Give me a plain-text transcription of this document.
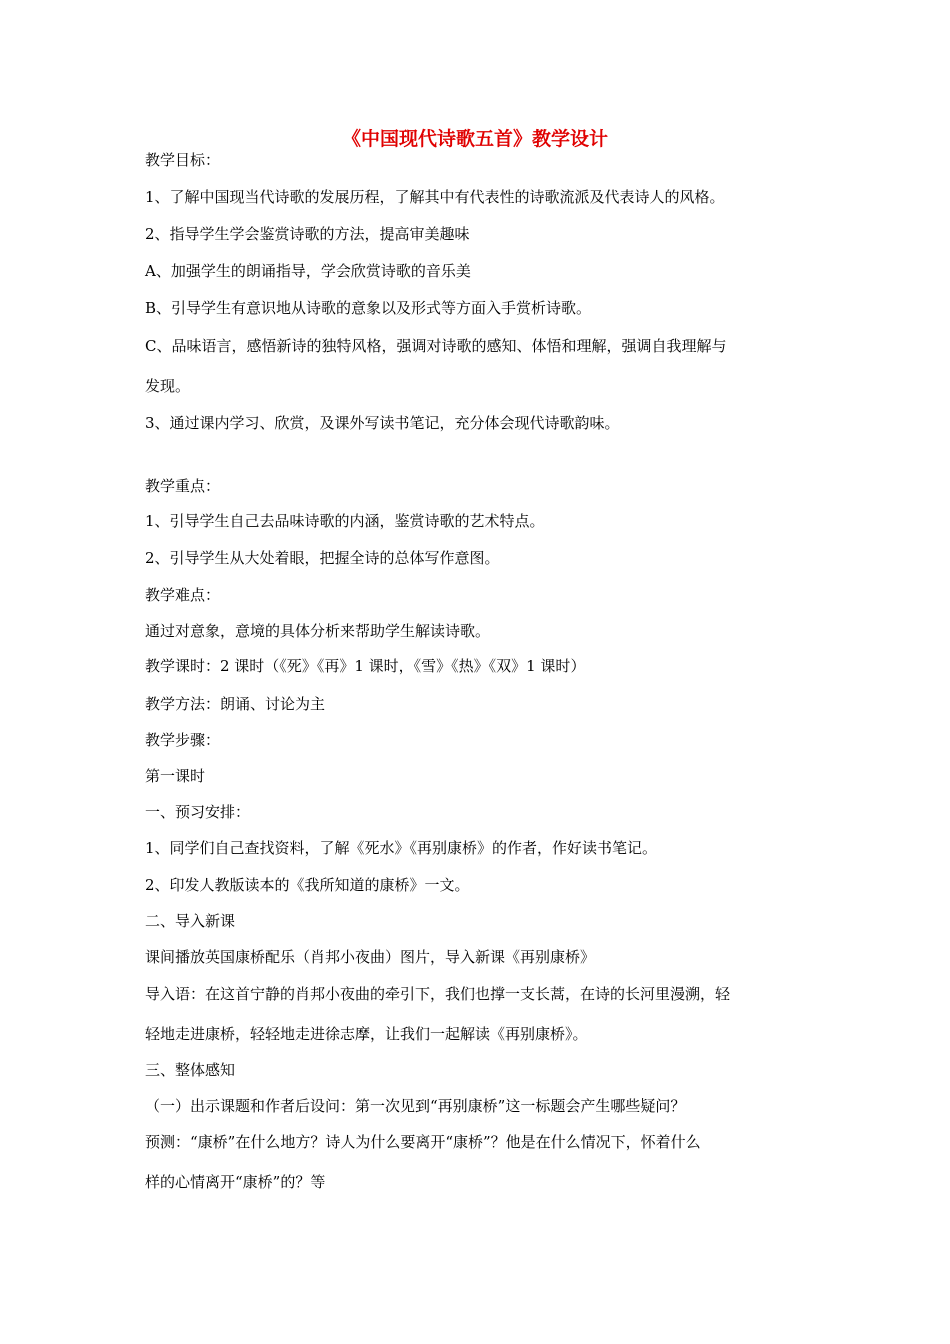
《中国现代诗歌五首》教学设计
教学目标：
1、了解中国现当代诗歌的发展历程，了解其中有代表性的诗歌流派及代表诗人的风格。
2、指导学生学会鉴赏诗歌的方法，提高审美趣味
A、加强学生的朗诵指导，学会欣赏诗歌的音乐美
B、引导学生有意识地从诗歌的意象以及形式等方面入手赏析诗歌。
C、品味语言，感悟新诗的独特风格，强调对诗歌的感知、体悟和理解，强调自我理解与
发现。
3、通过课内学习、欣赏，及课外写读书笔记，充分体会现代诗歌韵味。
教学重点：
1、引导学生自己去品味诗歌的内涵，鉴赏诗歌的艺术特点。
2、引导学生从大处着眼，把握全诗的总体写作意图。
教学难点：
通过对意象，意境的具体分析来帮助学生解读诗歌。
教学课时：2 课时（《死》《再》1 课时，《雪》《热》《双》1 课时）
教学方法：朗诵、讨论为主
教学步骤：
第一课时
一、预习安排：
1、同学们自己查找资料，了解《死水》《再别康桥》的作者，作好读书笔记。
2、印发人教版读本的《我所知道的康桥》一文。
二、导入新课
课间播放英国康桥配乐（肖邦小夜曲）图片，导入新课《再别康桥》
导入语：在这首宁静的肖邦小夜曲的牵引下，我们也撑一支长蒿，在诗的长河里漫溯，轻
轻地走进康桥，轻轻地走进徐志摩，让我们一起解读《再别康桥》。
三、整体感知
（一）出示课题和作者后设问：第一次见到“再别康桥”这一标题会产生哪些疑问？
预测：“康桥”在什么地方？诗人为什么要离开“康桥”？他是在什么情况下，怀着什么
样的心情离开“康桥”的？等
